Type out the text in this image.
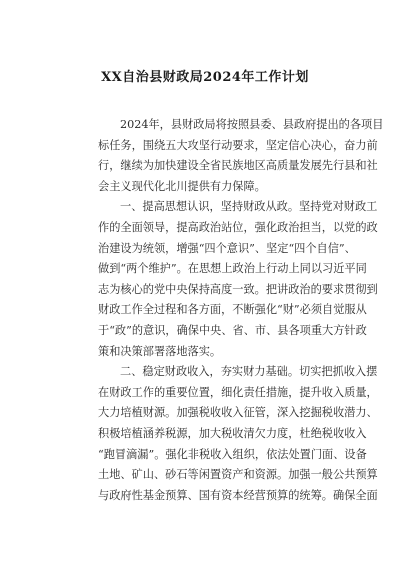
XX自治县财政局2024年工作计划
2024年，县财政局将按照县委、县政府提出的各项目
标任务，围绕五大攻坚行动要求，坚定信心决心，奋力前
行，继续为加快建设全省民族地区高质量发展先行县和社
会主义现代化北川提供有力保障。
一、提高思想认识，坚持财政从政。坚持党对财政工
作的全面领导，提高政治站位，强化政治担当，以党的政
治建设为统领，增强“四个意识”、坚定“四个自信”、
做到“两个维护”。在思想上政治上行动上同以习近平同
志为核心的党中央保持高度一致。把讲政治的要求贯彻到
财政工作全过程和各方面，不断强化“财”必须自觉服从
于“政”的意识，确保中央、省、市、县各项重大方针政
策和决策部署落地落实。
二、稳定财政收入，夯实财力基础。切实把抓收入摆
在财政工作的重要位置，细化责任措施，提升收入质量，
大力培植财源。加强税收收入征管，深入挖掘税收潜力、
积极培植涵养税源，加大税收清欠力度，杜绝税收收入
“跑冒滴漏”。强化非税收入组织，依法处置门面、设备
土地、矿山、砂石等闲置资产和资源。加强一般公共预算
与政府性基金预算、国有资本经营预算的统筹。确保全面
